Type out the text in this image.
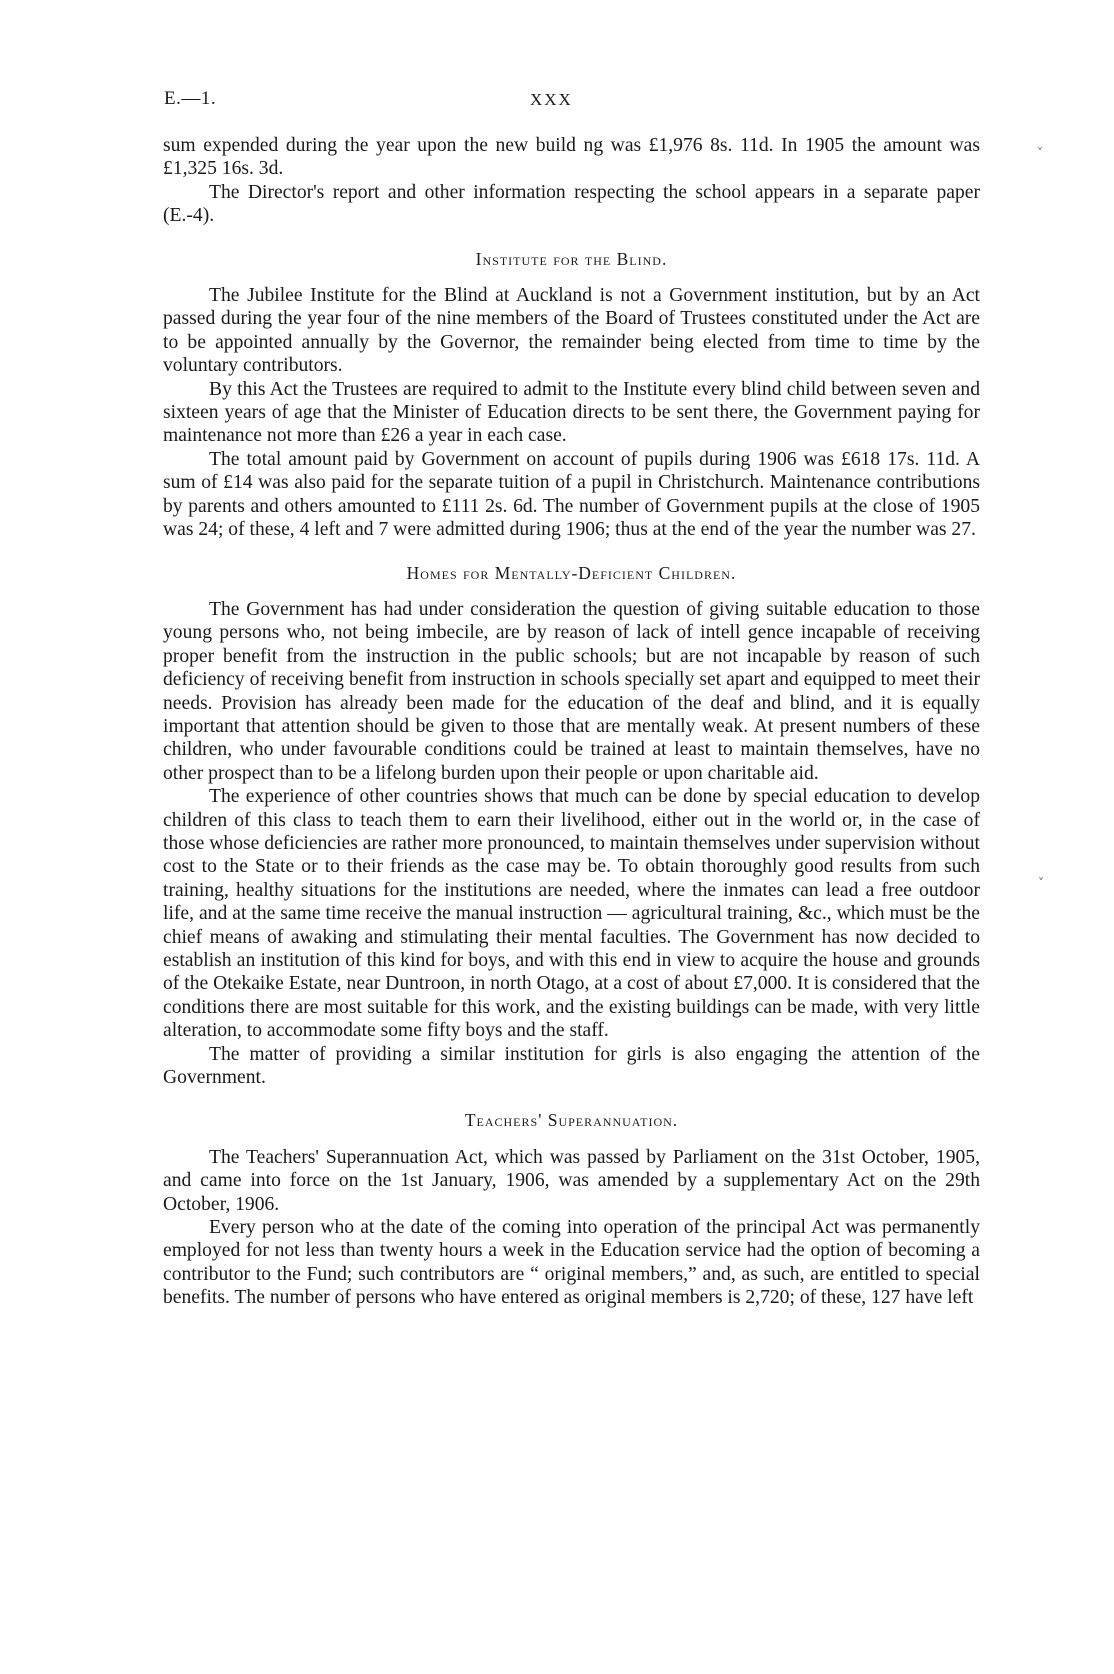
E.—1.	XXX

sum expended during the year upon the new build ng was £1,976 8s. 11d. In 1905 the amount was £1,325 16s. 3d.

The Director's report and other information respecting the school appears in a separate paper (E.-4).

Institute for the Blind.

The Jubilee Institute for the Blind at Auckland is not a Government institution, but by an Act passed during the year four of the nine members of the Board of Trustees constituted under the Act are to be appointed annually by the Governor, the remainder being elected from time to time by the voluntary contributors.

By this Act the Trustees are required to admit to the Institute every blind child between seven and sixteen years of age that the Minister of Education directs to be sent there, the Government paying for maintenance not more than £26 a year in each case.

The total amount paid by Government on account of pupils during 1906 was £618 17s. 11d. A sum of £14 was also paid for the separate tuition of a pupil in Christchurch. Maintenance contributions by parents and others amounted to £111 2s. 6d. The number of Government pupils at the close of 1905 was 24; of these, 4 left and 7 were admitted during 1906; thus at the end of the year the number was 27.

Homes for Mentally-Deficient Children.

The Government has had under consideration the question of giving suitable education to those young persons who, not being imbecile, are by reason of lack of intell gence incapable of receiving proper benefit from the instruction in the public schools; but are not incapable by reason of such deficiency of receiving benefit from instruction in schools specially set apart and equipped to meet their needs. Provision has already been made for the education of the deaf and blind, and it is equally important that attention should be given to those that are mentally weak. At present numbers of these children, who under favourable conditions could be trained at least to maintain themselves, have no other prospect than to be a lifelong burden upon their people or upon charitable aid.

The experience of other countries shows that much can be done by special education to develop children of this class to teach them to earn their livelihood, either out in the world or, in the case of those whose deficiencies are rather more pronounced, to maintain themselves under supervision without cost to the State or to their friends as the case may be. To obtain thoroughly good results from such training, healthy situations for the institutions are needed, where the inmates can lead a free outdoor life, and at the same time receive the manual instruction — agricultural training, &c., which must be the chief means of awaking and stimulating their mental faculties. The Government has now decided to establish an institution of this kind for boys, and with this end in view to acquire the house and grounds of the Otekaike Estate, near Duntroon, in north Otago, at a cost of about £7,000. It is considered that the conditions there are most suitable for this work, and the existing buildings can be made, with very little alteration, to accommodate some fifty boys and the staff.

The matter of providing a similar institution for girls is also engaging the attention of the Government.

Teachers' Superannuation.

The Teachers' Superannuation Act, which was passed by Parliament on the 31st October, 1905, and came into force on the 1st January, 1906, was amended by a supplementary Act on the 29th October, 1906.

Every person who at the date of the coming into operation of the principal Act was permanently employed for not less than twenty hours a week in the Education service had the option of becoming a contributor to the Fund; such contributors are “ original members,” and, as such, are entitled to special benefits. The number of persons who have entered as original members is 2,720; of these, 127 have left

˅
˅
